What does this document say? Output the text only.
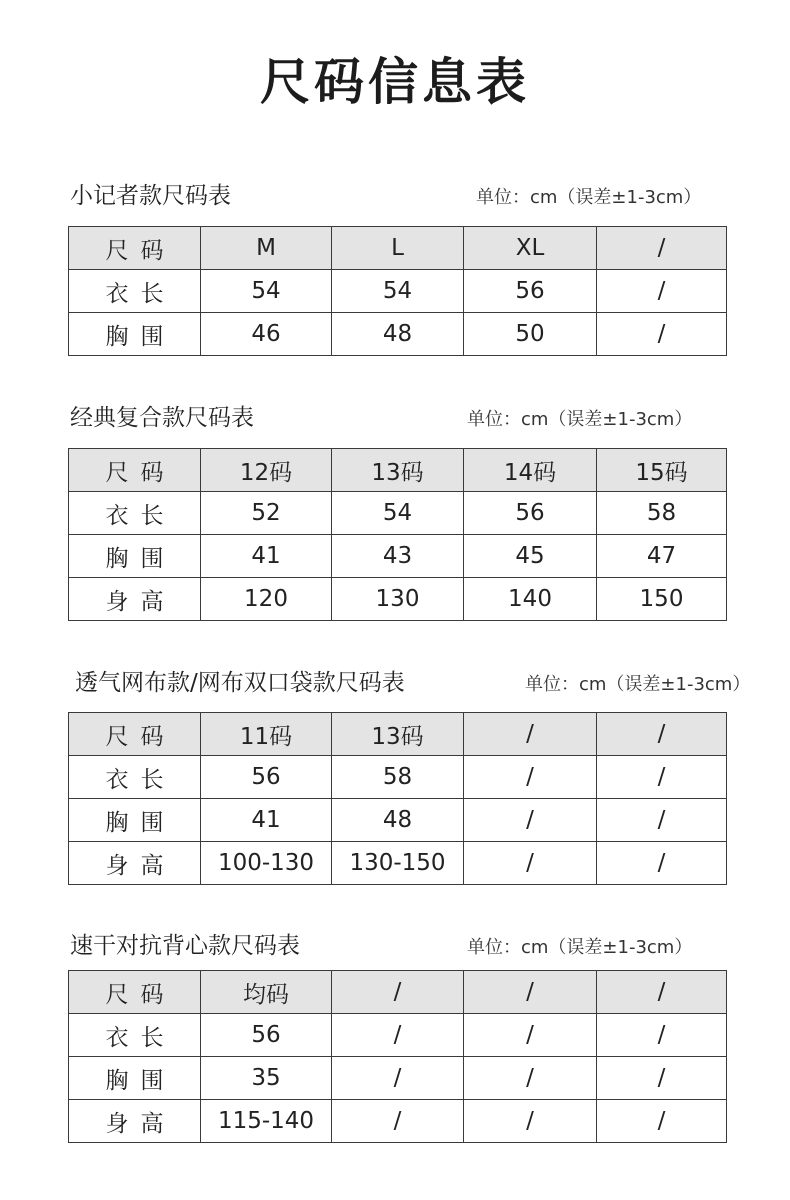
尺码信息表
小记者款尺码表	单位：cm（误差±1-3cm）
尺码	M	L	XL	/
衣长	54	54	56	/
胸围	46	48	50	/
经典复合款尺码表	单位：cm（误差±1-3cm）
尺码	12码	13码	14码	15码
衣长	52	54	56	58
胸围	41	43	45	47
身高	120	130	140	150
透气网布款/网布双口袋款尺码表	单位：cm（误差±1-3cm）
尺码	11码	13码	/	/
衣长	56	58	/	/
胸围	41	48	/	/
身高	100-130	130-150	/	/
速干对抗背心款尺码表	单位：cm（误差±1-3cm）
尺码	均码	/	/	/
衣长	56	/	/	/
胸围	35	/	/	/
身高	115-140	/	/	/
